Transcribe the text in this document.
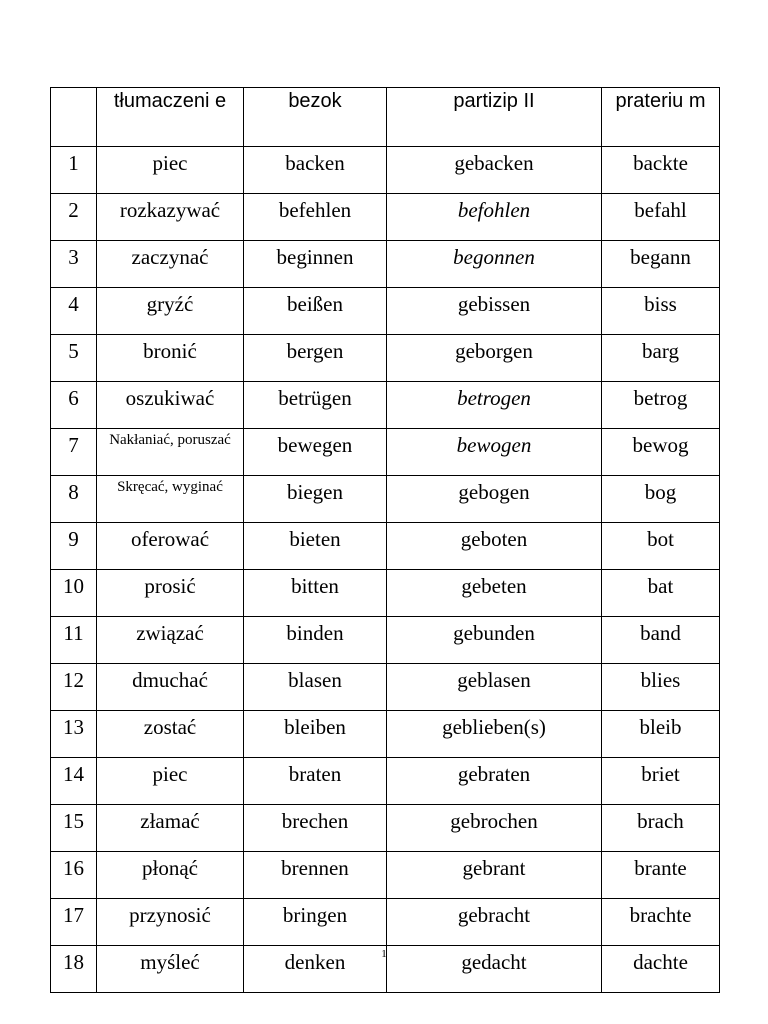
	tłumaczeni e	bezok	partizip II	prateriu m

1	piec	backen	gebacken	backte
2	rozkazywać	befehlen	befohlen	befahl
3	zaczynać	beginnen	begonnen	begann
4	gryźć	beißen	gebissen	biss
5	bronić	bergen	geborgen	barg
6	oszukiwać	betrügen	betrogen	betrog
7	Nakłaniać, poruszać	bewegen	bewogen	bewog
8	Skręcać, wyginać	biegen	gebogen	bog
9	oferować	bieten	geboten	bot
10	prosić	bitten	gebeten	bat
11	związać	binden	gebunden	band
12	dmuchać	blasen	geblasen	blies
13	zostać	bleiben	geblieben(s)	bleib
14	piec	braten	gebraten	briet
15	złamać	brechen	gebrochen	brach
16	płonąć	brennen	gebrant	brante
17	przynosić	bringen	gebracht	brachte
18	myśleć	denken	gedacht	dachte
1
